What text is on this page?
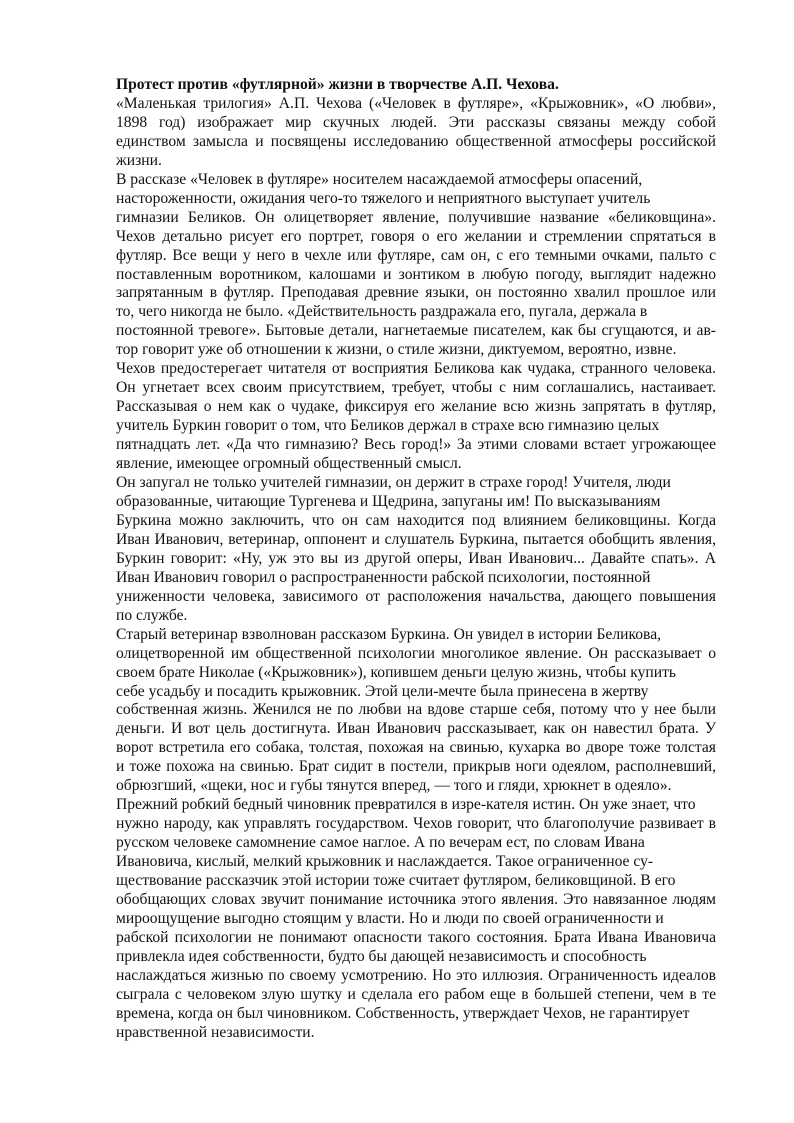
Протест против «футлярной» жизни в творчестве А.П. Чехова.

«Маленькая трилогия» А.П. Чехова («Человек в футляре», «Крыжовник», «О любви»,
1898 год) изображает мир скучных людей. Эти рассказы связаны между собой
единством замысла и посвящены исследованию общественной атмосферы российской
жизни.
В рассказе «Человек в футляре» носителем насаждаемой атмосферы опасений,
настороженности, ожидания чего-то тяжелого и неприятного выступает учитель
гимназии Беликов. Он олицетворяет явление, получившие название «беликовщина».
Чехов детально рисует его портрет, говоря о его желании и стремлении спрятаться в
футляр. Все вещи у него в чехле или футляре, сам он, с его темными очками, пальто с
поставленным воротником, калошами и зонтиком в любую погоду, выглядит надежно
запрятанным в футляр. Преподавая древние языки, он постоянно хвалил прошлое или
то, чего никогда не было. «Действительность раздражала его, пугала, держала в
постоянной тревоге». Бытовые детали, нагнетаемые писателем, как бы сгущаются, и ав-
тор говорит уже об отношении к жизни, о стиле жизни, диктуемом, вероятно, извне.
Чехов предостерегает читателя от восприятия Беликова как чудака, странного человека.
Он угнетает всех своим присутствием, требует, чтобы с ним соглашались, настаивает.
Рассказывая о нем как о чудаке, фиксируя его желание всю жизнь запрятать в футляр,
учитель Буркин говорит о том, что Беликов держал в страхе всю гимназию целых
пятнадцать лет. «Да что гимназию? Весь город!» За этими словами встает угрожающее
явление, имеющее огромный общественный смысл.
Он запугал не только учителей гимназии, он держит в страхе город! Учителя, люди
образованные, читающие Тургенева и Щедрина, запуганы им! По высказываниям
Буркина можно заключить, что он сам находится под влиянием беликовщины. Когда
Иван Иванович, ветеринар, оппонент и слушатель Буркина, пытается обобщить явления,
Буркин говорит: «Ну, уж это вы из другой оперы, Иван Иванович... Давайте спать». А
Иван Иванович говорил о распространенности рабской психологии, постоянной
униженности человека, зависимого от расположения начальства, дающего повышения
по службе.
Старый ветеринар взволнован рассказом Буркина. Он увидел в истории Беликова,
олицетворенной им общественной психологии многоликое явление. Он рассказывает о
своем брате Николае («Крыжовник»), копившем деньги целую жизнь, чтобы купить
себе усадьбу и посадить крыжовник. Этой цели-мечте была принесена в жертву
собственная жизнь. Женился не по любви на вдове старше себя, потому что у нее были
деньги. И вот цель достигнута. Иван Иванович рассказывает, как он навестил брата. У
ворот встретила его собака, толстая, похожая на свинью, кухарка во дворе тоже толстая
и тоже похожа на свинью. Брат сидит в постели, прикрыв ноги одеялом, располневший,
обрюзгший, «щеки, нос и губы тянутся вперед, — того и гляди, хрюкнет в одеяло».
Прежний робкий бедный чиновник превратился в изре-кателя истин. Он уже знает, что
нужно народу, как управлять государством. Чехов говорит, что благополучие развивает в
русском человеке самомнение самое наглое. А по вечерам ест, по словам Ивана
Ивановича, кислый, мелкий крыжовник и наслаждается. Такое ограниченное су-
ществование рассказчик этой истории тоже считает футляром, беликовщиной. В его
обобщающих словах звучит понимание источника этого явления. Это навязанное людям
мироощущение выгодно стоящим у власти. Но и люди по своей ограниченности и
рабской психологии не понимают опасности такого состояния. Брата Ивана Ивановича
привлекла идея собственности, будто бы дающей независимость и способность
наслаждаться жизнью по своему усмотрению. Но это иллюзия. Ограниченность идеалов
сыграла с человеком злую шутку и сделала его рабом еще в большей степени, чем в те
времена, когда он был чиновником. Собственность, утверждает Чехов, не гарантирует
нравственной независимости.
